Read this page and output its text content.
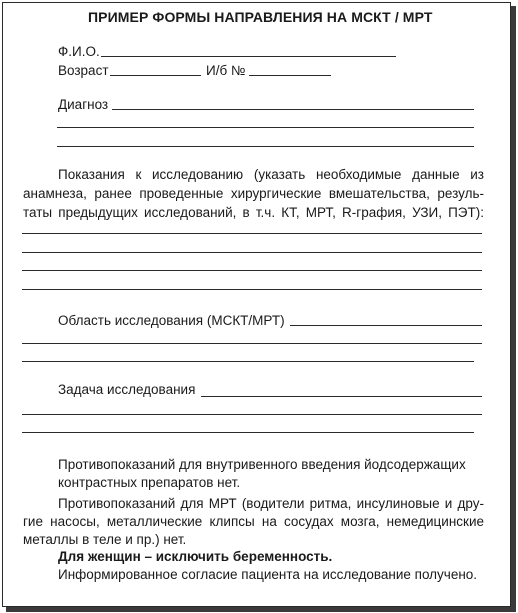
ПРИМЕР ФОРМЫ НАПРАВЛЕНИЯ НА МСКТ / МРТ
Ф.И.О.
Возраст	И/б №
Диагноз
Показания к исследованию (указать необходимые данные из
анамнеза, ранее проведенные хирургические вмешательства, резуль-
таты предыдущих исследований, в т.ч. КТ, МРТ, R-графия, УЗИ, ПЭТ):
Область исследования (МСКТ/МРТ)
Задача исследования
Противопоказаний для внутривенного введения йодсодержащих
контрастных препаратов нет.
Противопоказаний для МРТ (водители ритма, инсулиновые и дру-
гие насосы, металлические клипсы на сосудах мозга, немедицинские
металлы в теле и пр.) нет.
Для женщин – исключить беременность.
Информированное согласие пациента на исследование получено.
